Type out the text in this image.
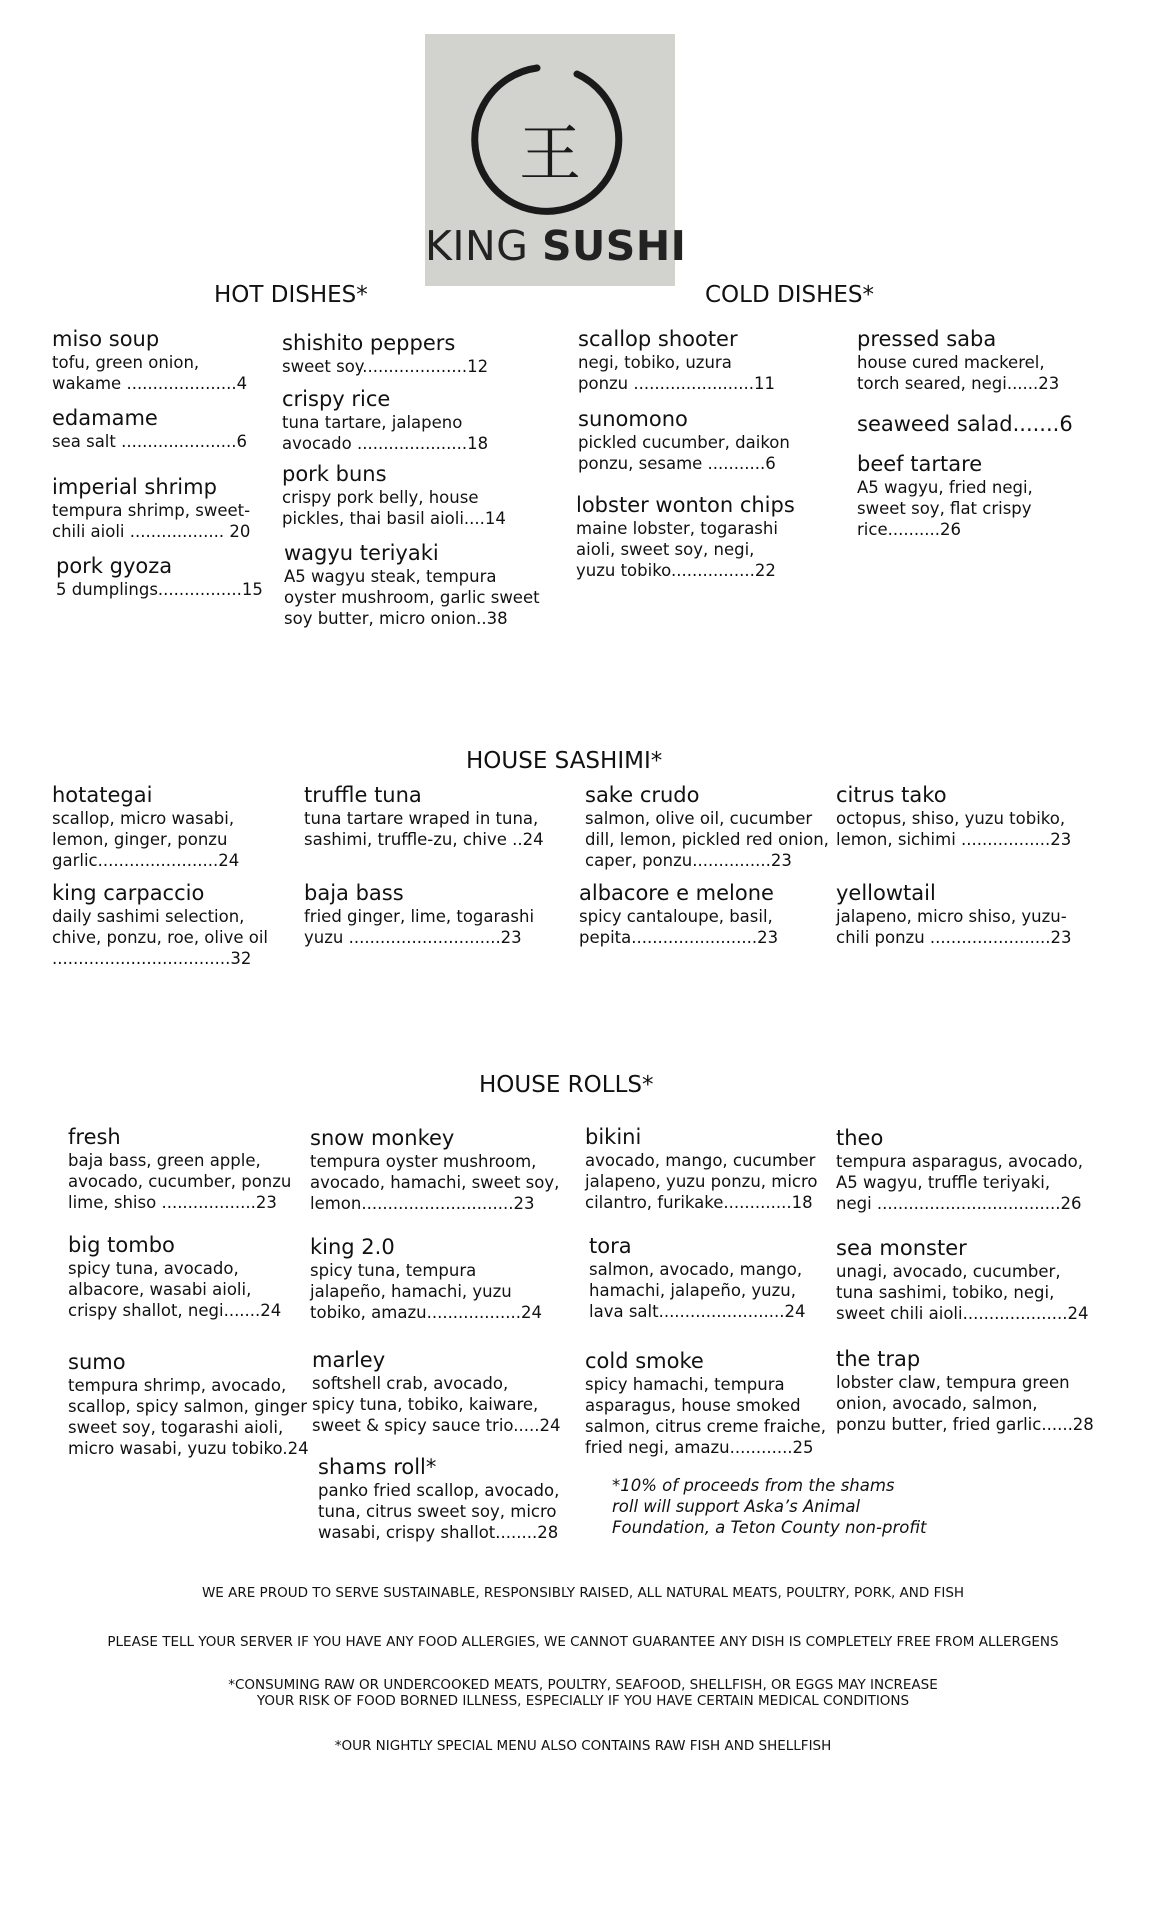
王
KING SUSHI
HOT DISHES*	COLD DISHES*
HOUSE SASHIMI*
HOUSE ROLLS*
miso soup
tofu, green onion,
wakame .....................4
edamame
sea salt ......................6
imperial shrimp
tempura shrimp, sweet-
chili aioli .................. 20
pork gyoza
5 dumplings................15
shishito peppers
sweet soy....................12
crispy rice
tuna tartare, jalapeno
avocado .....................18
pork buns
crispy pork belly, house
pickles, thai basil aioli....14
wagyu teriyaki
A5 wagyu steak, tempura
oyster mushroom, garlic sweet
soy butter, micro onion..38
scallop shooter
negi, tobiko, uzura
ponzu .......................11
sunomono
pickled cucumber, daikon
ponzu, sesame ...........6
lobster wonton chips
maine lobster, togarashi
aioli, sweet soy, negi,
yuzu tobiko................22
pressed saba
house cured mackerel,
torch seared, negi......23
seaweed salad.......6
beef tartare
A5 wagyu, fried negi,
sweet soy, flat crispy
rice..........26
hotategai
scallop, micro wasabi,
lemon, ginger, ponzu
garlic.......................24
king carpaccio
daily sashimi selection,
chive, ponzu, roe, olive oil
..................................32
truffle tuna
tuna tartare wraped in tuna,
sashimi, truffle-zu, chive ..24
baja bass
fried ginger, lime, togarashi
yuzu .............................23
sake crudo
salmon, olive oil, cucumber
dill, lemon, pickled red onion,
caper, ponzu...............23
albacore e melone
spicy cantaloupe, basil,
pepita........................23
citrus tako
octopus, shiso, yuzu tobiko,
lemon, sichimi .................23
yellowtail
jalapeno, micro shiso, yuzu-
chili ponzu .......................23
fresh
baja bass, green apple,
avocado, cucumber, ponzu
lime, shiso ..................23
big tombo
spicy tuna, avocado,
albacore, wasabi aioli,
crispy shallot, negi.......24
sumo
tempura shrimp, avocado,
scallop, spicy salmon, ginger
sweet soy, togarashi aioli,
micro wasabi, yuzu tobiko.24
snow monkey
tempura oyster mushroom,
avocado, hamachi, sweet soy,
lemon.............................23
king 2.0
spicy tuna, tempura
jalapeño, hamachi, yuzu
tobiko, amazu..................24
marley
softshell crab, avocado,
spicy tuna, tobiko, kaiware,
sweet & spicy sauce trio.....24
shams roll*
panko fried scallop, avocado,
tuna, citrus sweet soy, micro
wasabi, crispy shallot........28
bikini
avocado, mango, cucumber
jalapeno, yuzu ponzu, micro
cilantro, furikake.............18
tora
salmon, avocado, mango,
hamachi, jalapeño, yuzu,
lava salt........................24
cold smoke
spicy hamachi, tempura
asparagus, house smoked
salmon, citrus creme fraiche,
fried negi, amazu............25
theo
tempura asparagus, avocado,
A5 wagyu, truffle teriyaki,
negi ...................................26
sea monster
unagi, avocado, cucumber,
tuna sashimi, tobiko, negi,
sweet chili aioli....................24
the trap
lobster claw, tempura green
onion, avocado, salmon,
ponzu butter, fried garlic......28
*10% of proceeds from the shams
roll will support Aska’s Animal
Foundation, a Teton County non-profit
WE ARE PROUD TO SERVE SUSTAINABLE, RESPONSIBLY RAISED, ALL NATURAL MEATS, POULTRY, PORK, AND FISH
PLEASE TELL YOUR SERVER IF YOU HAVE ANY FOOD ALLERGIES, WE CANNOT GUARANTEE ANY DISH IS COMPLETELY FREE FROM ALLERGENS
*CONSUMING RAW OR UNDERCOOKED MEATS, POULTRY, SEAFOOD, SHELLFISH, OR EGGS MAY INCREASE
YOUR RISK OF FOOD BORNED ILLNESS, ESPECIALLY IF YOU HAVE CERTAIN MEDICAL CONDITIONS
*OUR NIGHTLY SPECIAL MENU ALSO CONTAINS RAW FISH AND SHELLFISH
